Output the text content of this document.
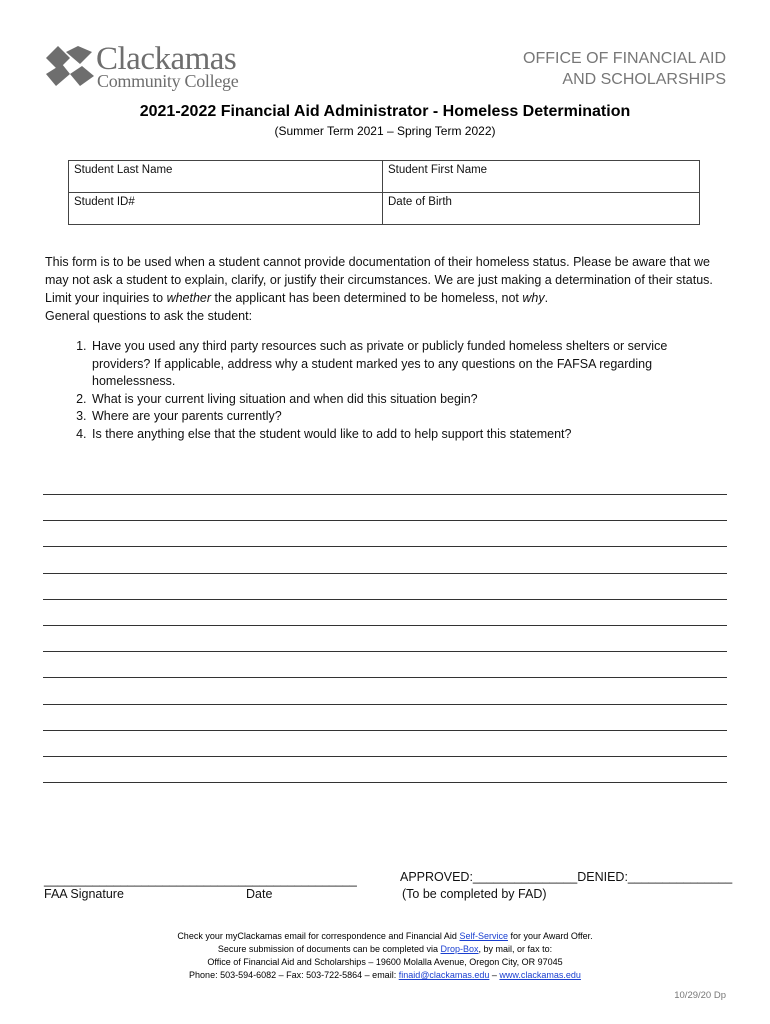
Clackamas
Community College
OFFICE OF FINANCIAL AID
AND SCHOLARSHIPS
2021-2022 Financial Aid Administrator - Homeless Determination
(Summer Term 2021 – Spring Term 2022)
Student Last Name	Student First Name
Student ID#	Date of Birth

This form is to be used when a student cannot provide documentation of their homeless status. Please be aware that we may not ask a student to explain, clarify, or justify their circumstances. We are just making a determination of their status. Limit your inquiries to whether the applicant has been determined to be homeless, not why.

General questions to ask the student:

1. Have you used any third party resources such as private or publicly funded homeless shelters or service providers? If applicable, address why a student marked yes to any questions on the FAFSA regarding homelessness.
2. What is your current living situation and when did this situation begin?
3. Where are your parents currently?
4. Is there anything else that the student would like to add to help support this statement?
_____________________________________________
FAA Signature	Date
APPROVED:_______________DENIED:_______________
(To be completed by FAD)
Check your myClackamas email for correspondence and Financial Aid Self-Service for your Award Offer.
Secure submission of documents can be completed via Drop-Box, by mail, or fax to:
Office of Financial Aid and Scholarships – 19600 Molalla Avenue, Oregon City, OR 97045
Phone: 503-594-6082 – Fax: 503-722-5864 – email: finaid@clackamas.edu – www.clackamas.edu
10/29/20 Dp
